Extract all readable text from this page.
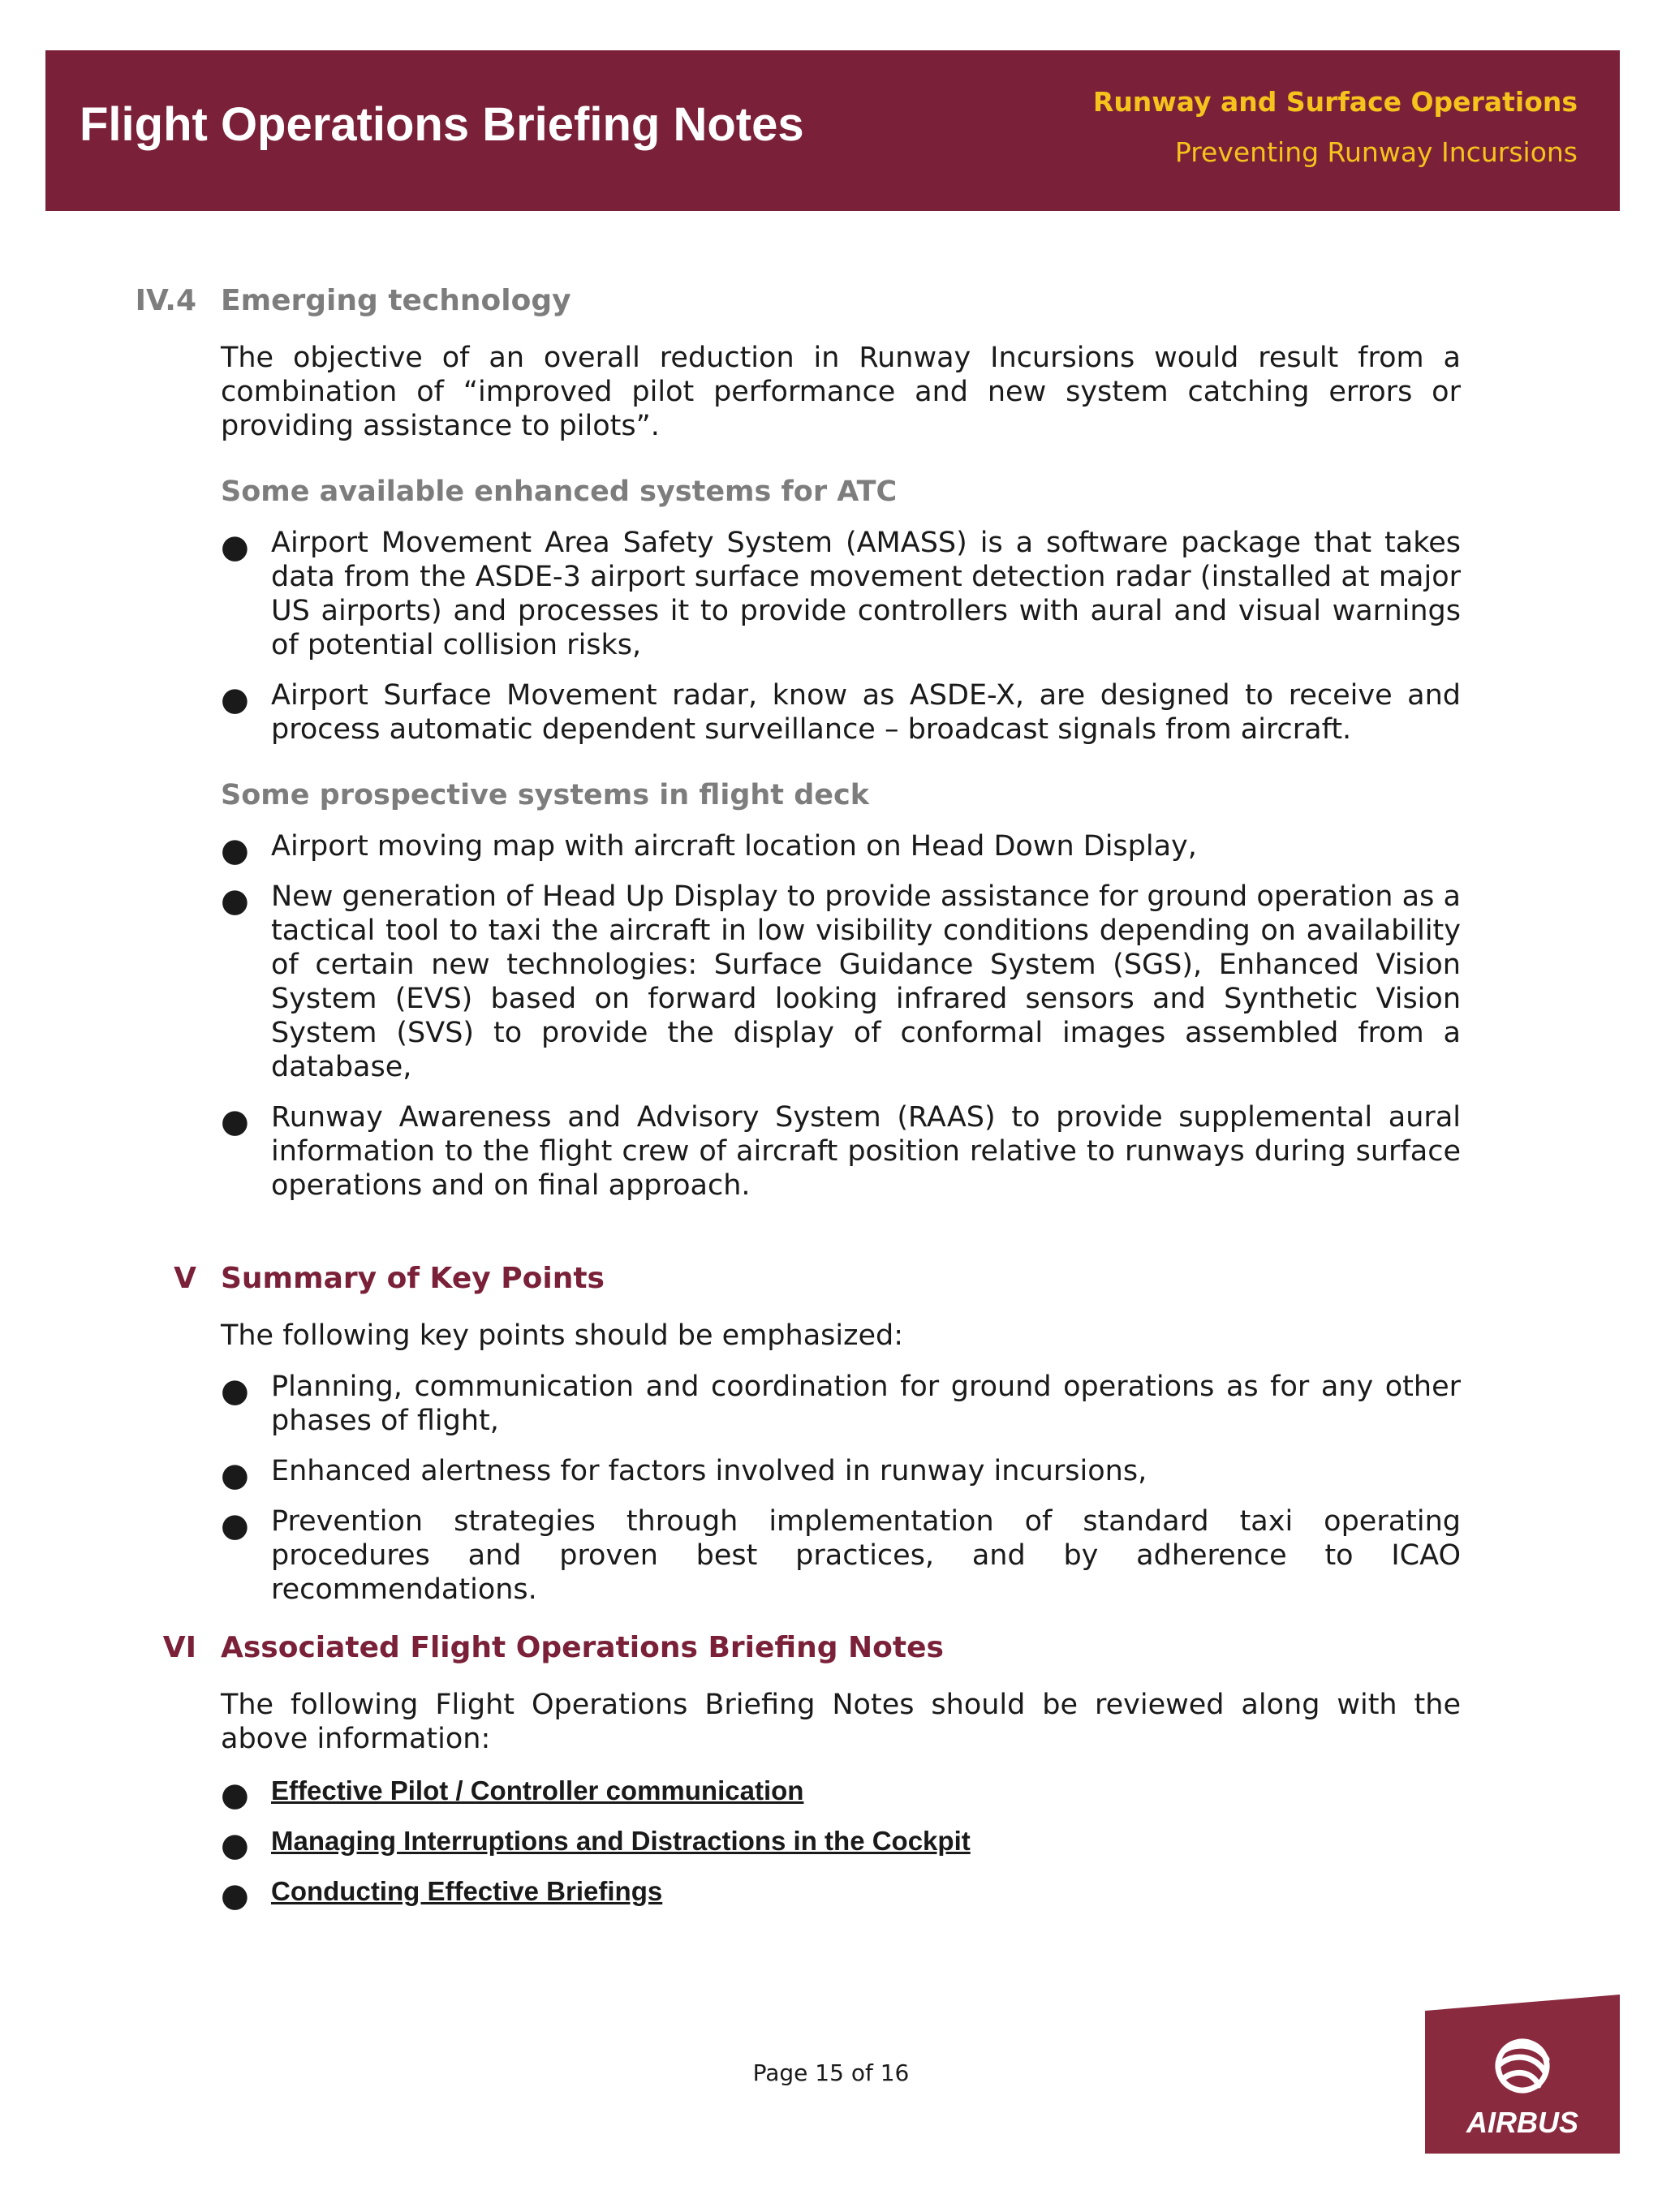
Flight Operations Briefing Notes	Runway and Surface Operations
Preventing Runway Incursions
IV.4 Emerging technology

The objective of an overall reduction in Runway Incursions would result from a combination of “improved pilot performance and new system catching errors or providing assistance to pilots”.

Some available enhanced systems for ATC
● Airport Movement Area Safety System (AMASS) is a software package that takes data from the ASDE-3 airport surface movement detection radar (installed at major US airports) and processes it to provide controllers with aural and visual warnings of potential collision risks,
● Airport Surface Movement radar, know as ASDE-X, are designed to receive and process automatic dependent surveillance – broadcast signals from aircraft.
Some prospective systems in flight deck
● Airport moving map with aircraft location on Head Down Display,
● New generation of Head Up Display to provide assistance for ground operation as a tactical tool to taxi the aircraft in low visibility conditions depending on availability of certain new technologies: Surface Guidance System (SGS), Enhanced Vision System (EVS) based on forward looking infrared sensors and Synthetic Vision System (SVS) to provide the display of conformal images assembled from a database,
● Runway Awareness and Advisory System (RAAS) to provide supplemental aural information to the flight crew of aircraft position relative to runways during surface operations and on final approach.
V Summary of Key Points

The following key points should be emphasized:

● Planning, communication and coordination for ground operations as for any other phases of flight,
● Enhanced alertness for factors involved in runway incursions,
● Prevention strategies through implementation of standard taxi operating procedures and proven best practices, and by adherence to ICAO recommendations.
VI Associated Flight Operations Briefing Notes

The following Flight Operations Briefing Notes should be reviewed along with the above information:

● Effective Pilot / Controller communication
● Managing Interruptions and Distractions in the Cockpit
● Conducting Effective Briefings
Page 15 of 16
AIRBUS
